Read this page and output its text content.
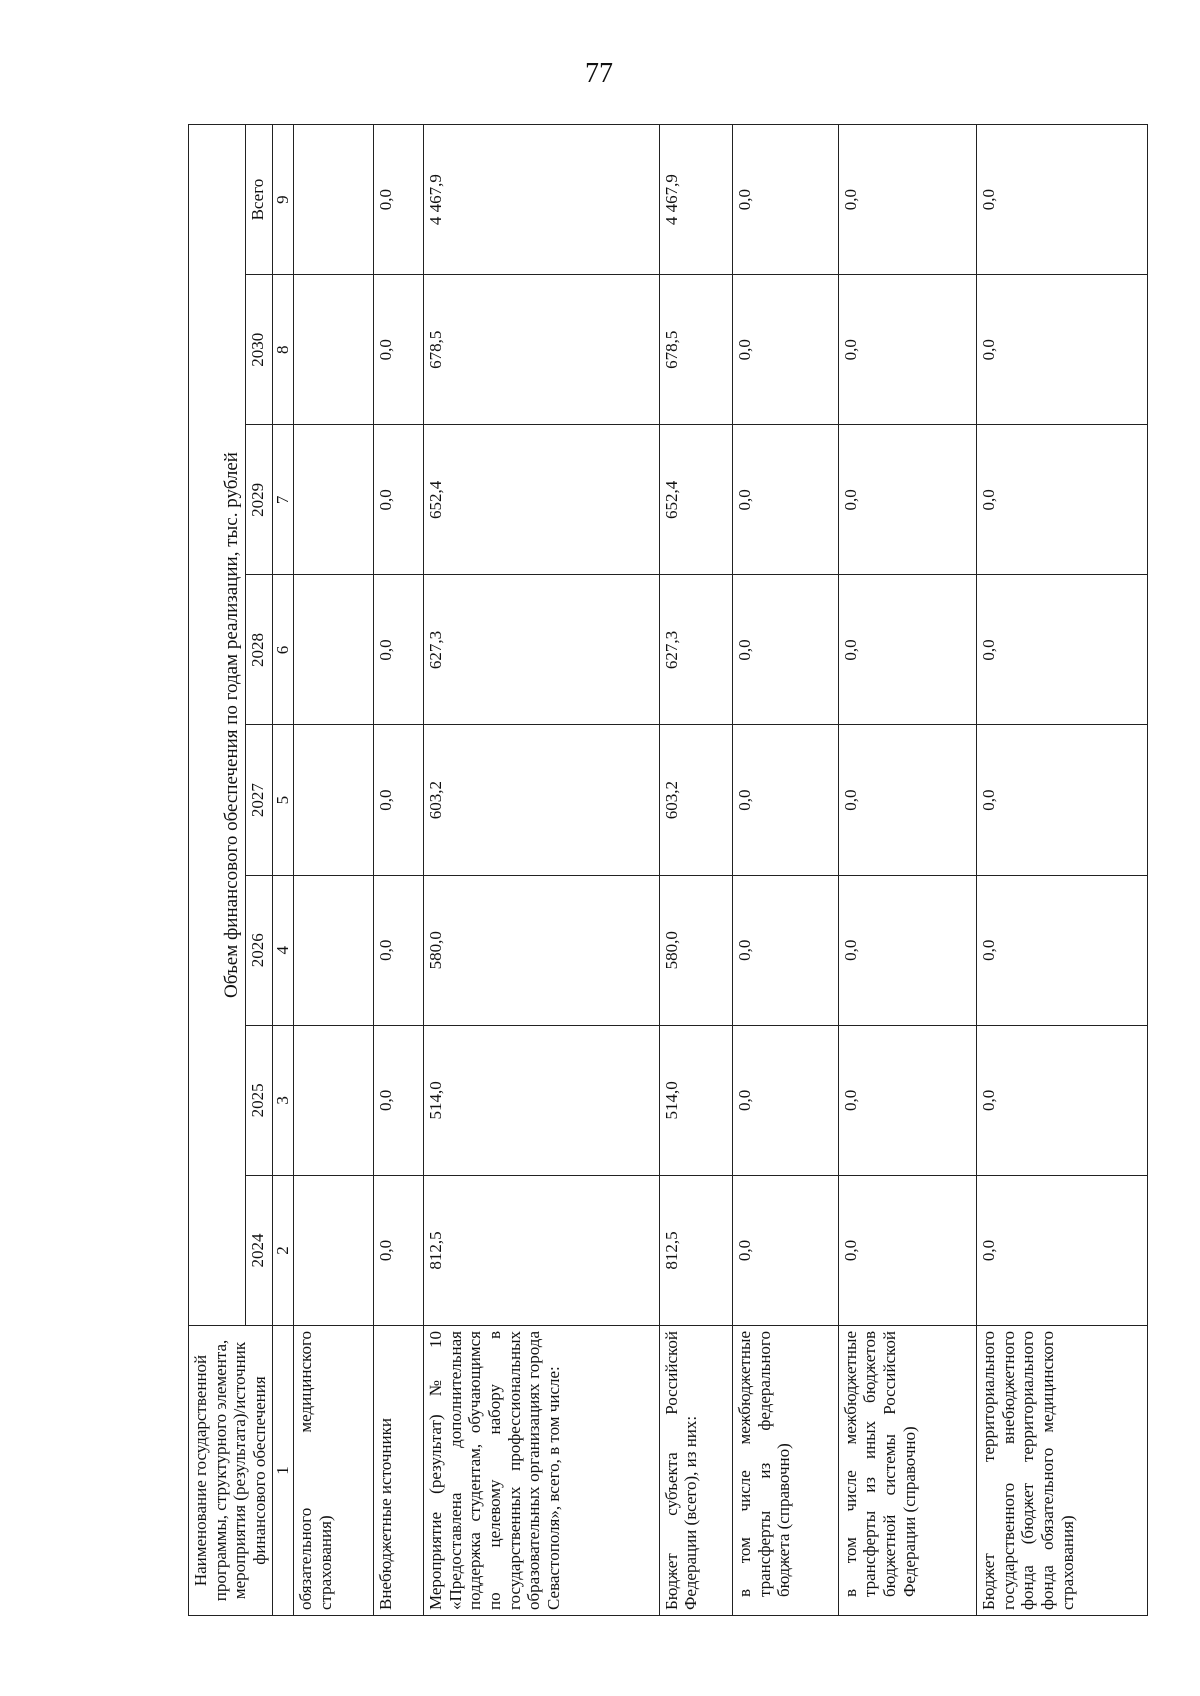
77
Наименование государственной программы, структурного элемента, мероприятия (результата)/источник финансового обеспечения	Объем финансового обеспечения по годам реализации, тыс. рублей							
	2024	2025	2026	2027	2028	2029	2030	Всего
1	2	3	4	5	6	7	8	9
обязательного медицинского страхования)								
Внебюджетные источники	0,0	0,0	0,0	0,0	0,0	0,0	0,0	0,0
Мероприятие (результат) № 10 «Предоставлена дополнительная поддержка студентам, обучающимся по целевому набору в государственных профессиональных образовательных организациях города Севастополя», всего, в том числе:	812,5	514,0	580,0	603,2	627,3	652,4	678,5	4 467,9
Бюджет субъекта Российской Федерации (всего), из них:	812,5	514,0	580,0	603,2	627,3	652,4	678,5	4 467,9
в том числе межбюджетные трансферты из федерального бюджета (справочно)	0,0	0,0	0,0	0,0	0,0	0,0	0,0	0,0
в том числе межбюджетные трансферты из иных бюджетов бюджетной системы Российской Федерации (справочно)	0,0	0,0	0,0	0,0	0,0	0,0	0,0	0,0
Бюджет территориального государственного внебюджетного фонда (бюджет территориального фонда обязательного медицинского страхования)	0,0	0,0	0,0	0,0	0,0	0,0	0,0	0,0
